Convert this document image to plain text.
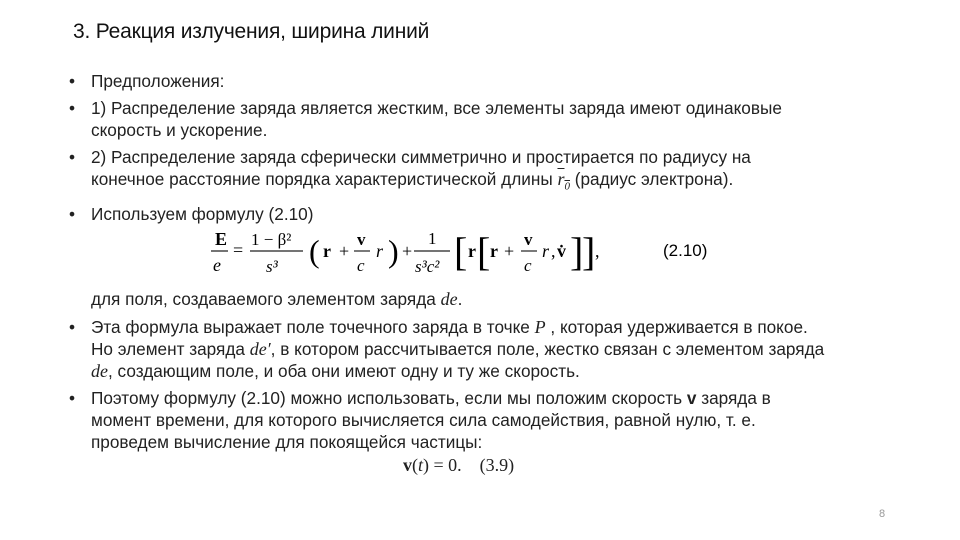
3. Реакция излучения, ширина линий
• Предположения:
• 1) Распределение заряда является жестким, все элементы заряда имеют одинаковые скорость и ускорение.
• 2) Распределение заряда сферически симметрично и простирается по радиусу на конечное расстояние порядка характеристической длины $r_0$ (радиус электрона).
• Используем формулу (2.10)
E
e
=
1 − β²
s³ ( r +
v
c
r ) +
1
s³c² [ r [ r +
v
c
r , v̇ ]
] ,	(2.10)
для поля, создаваемого элементом заряда de.
• Эта формула выражает поле точечного заряда в точке P , которая удерживается в покое. Но элемент заряда de′, в котором рассчитывается поле, жестко связан с элементом заряда de, создающим поле, и оба они имеют одну и ту же скорость.
• Поэтому формулу (2.10) можно использовать, если мы положим скорость v заряда в момент времени, для которого вычисляется сила самодействия, равной нулю, т. е. проведем вычисление для покоящейся частицы:
v(t) = 0.    (3.9)
8
